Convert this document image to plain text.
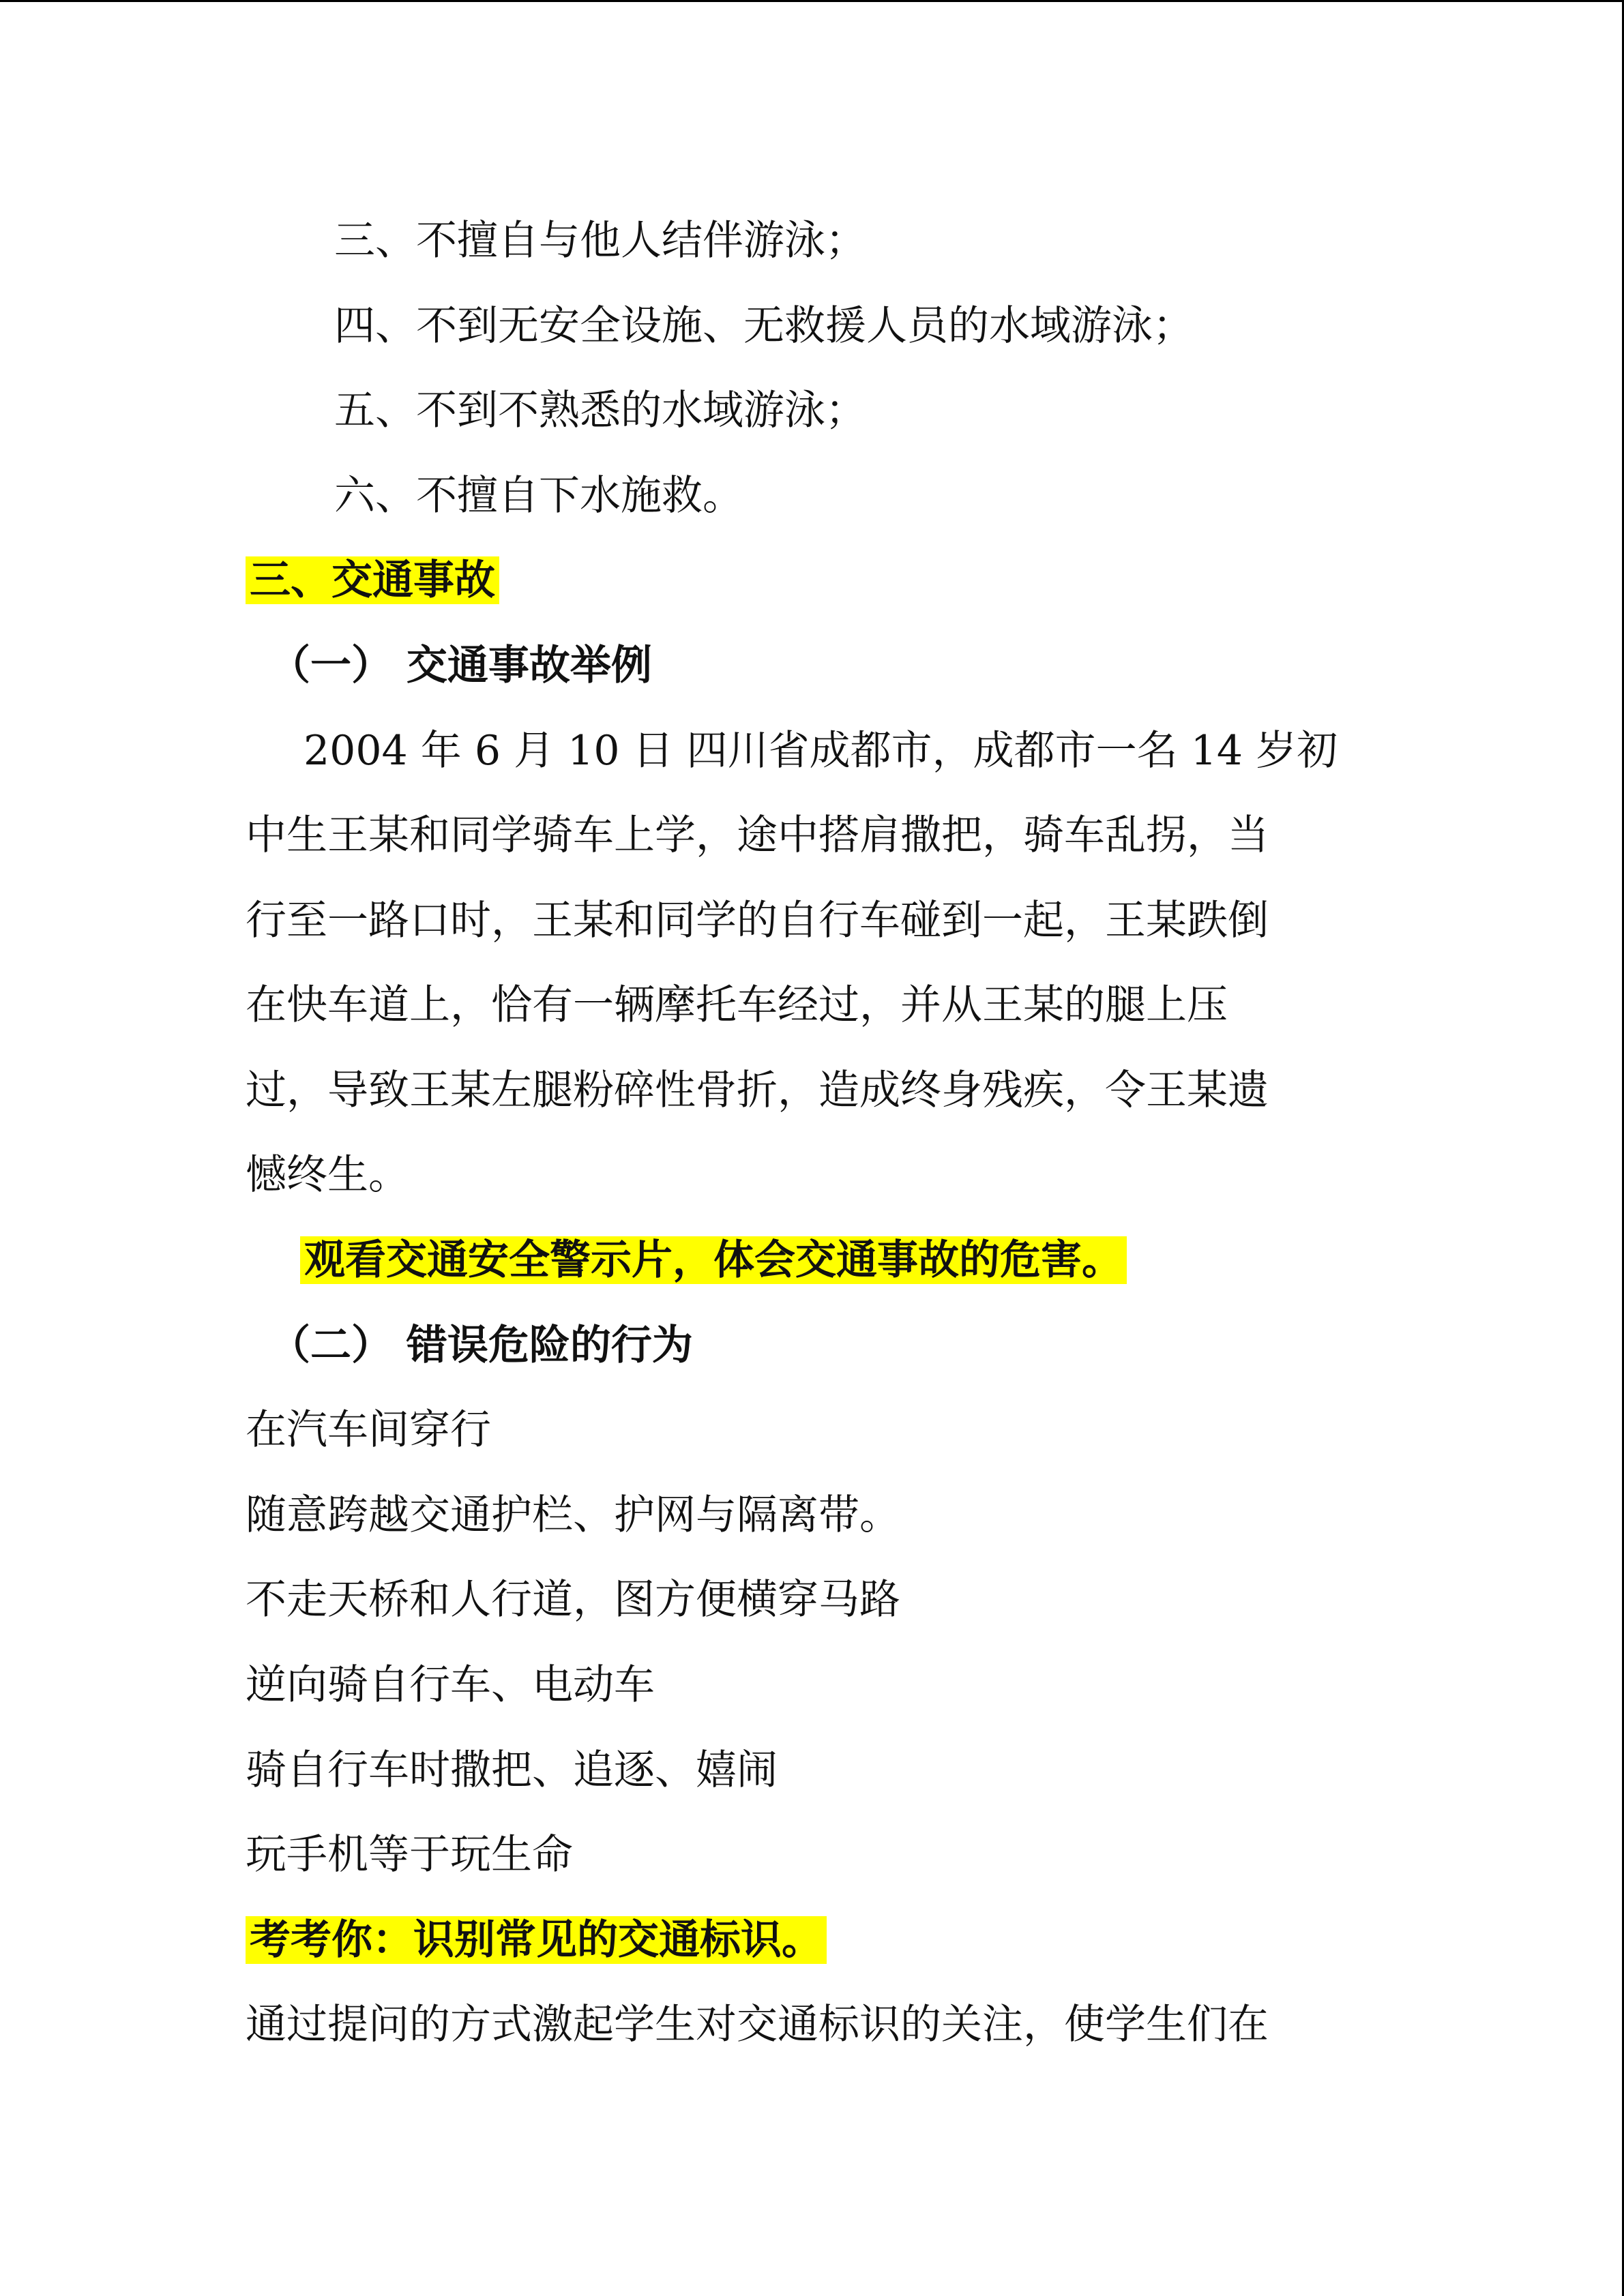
三、不擅自与他人结伴游泳；
四、不到无安全设施、无救援人员的水域游泳；
五、不到不熟悉的水域游泳；
六、不擅自下水施救。
三、交通事故
（一） 交通事故举例
2004 年 6 月 10 日 四川省成都市，成都市一名 14 岁初
中生王某和同学骑车上学，途中搭肩撒把，骑车乱拐，当
行至一路口时，王某和同学的自行车碰到一起，王某跌倒
在快车道上，恰有一辆摩托车经过，并从王某的腿上压
过，导致王某左腿粉碎性骨折，造成终身残疾，令王某遗
憾终生。
观看交通安全警示片，体会交通事故的危害。
（二） 错误危险的行为
在汽车间穿行
随意跨越交通护栏、护网与隔离带。
不走天桥和人行道，图方便横穿马路
逆向骑自行车、电动车
骑自行车时撒把、追逐、嬉闹
玩手机等于玩生命
考考你：识别常见的交通标识。
通过提问的方式激起学生对交通标识的关注，使学生们在
